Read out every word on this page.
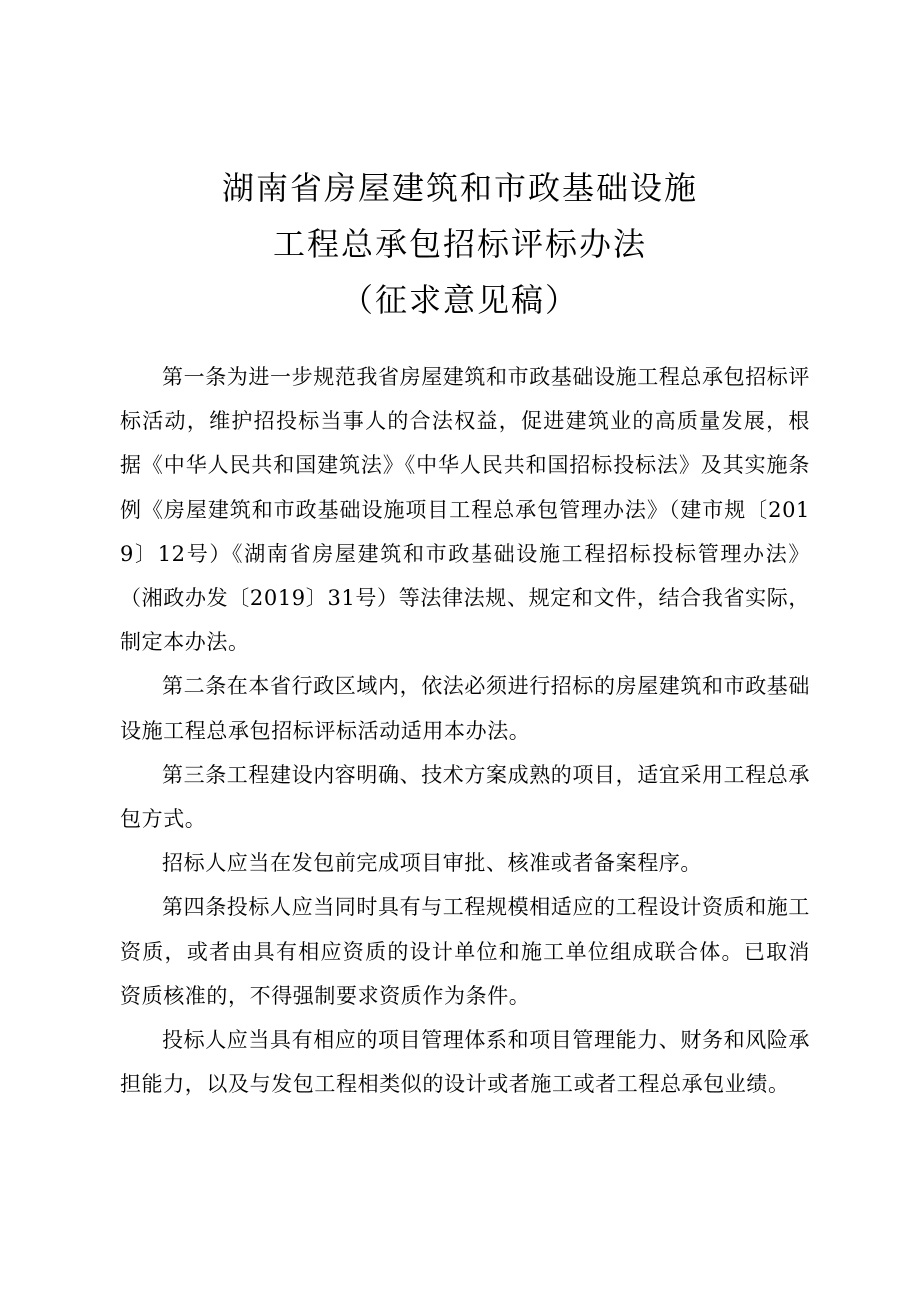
湖南省房屋建筑和市政基础设施
工程总承包招标评标办法
（征求意见稿）

第一条为进一步规范我省房屋建筑和市政基础设施工程总承包招标评标活动，维护招投标当事人的合法权益，促进建筑业的高质量发展，根据《中华人民共和国建筑法》《中华人民共和国招标投标法》及其实施条例《房屋建筑和市政基础设施项目工程总承包管理办法》（建市规〔2019〕12号）《湖南省房屋建筑和市政基础设施工程招标投标管理办法》（湘政办发〔2019〕31号）等法律法规、规定和文件，结合我省实际，制定本办法。

第二条在本省行政区域内，依法必须进行招标的房屋建筑和市政基础设施工程总承包招标评标活动适用本办法。

第三条工程建设内容明确、技术方案成熟的项目，适宜采用工程总承包方式。

招标人应当在发包前完成项目审批、核准或者备案程序。

第四条投标人应当同时具有与工程规模相适应的工程设计资质和施工资质，或者由具有相应资质的设计单位和施工单位组成联合体。已取消资质核准的，不得强制要求资质作为条件。

投标人应当具有相应的项目管理体系和项目管理能力、财务和风险承担能力，以及与发包工程相类似的设计或者施工或者工程总承包业绩。
